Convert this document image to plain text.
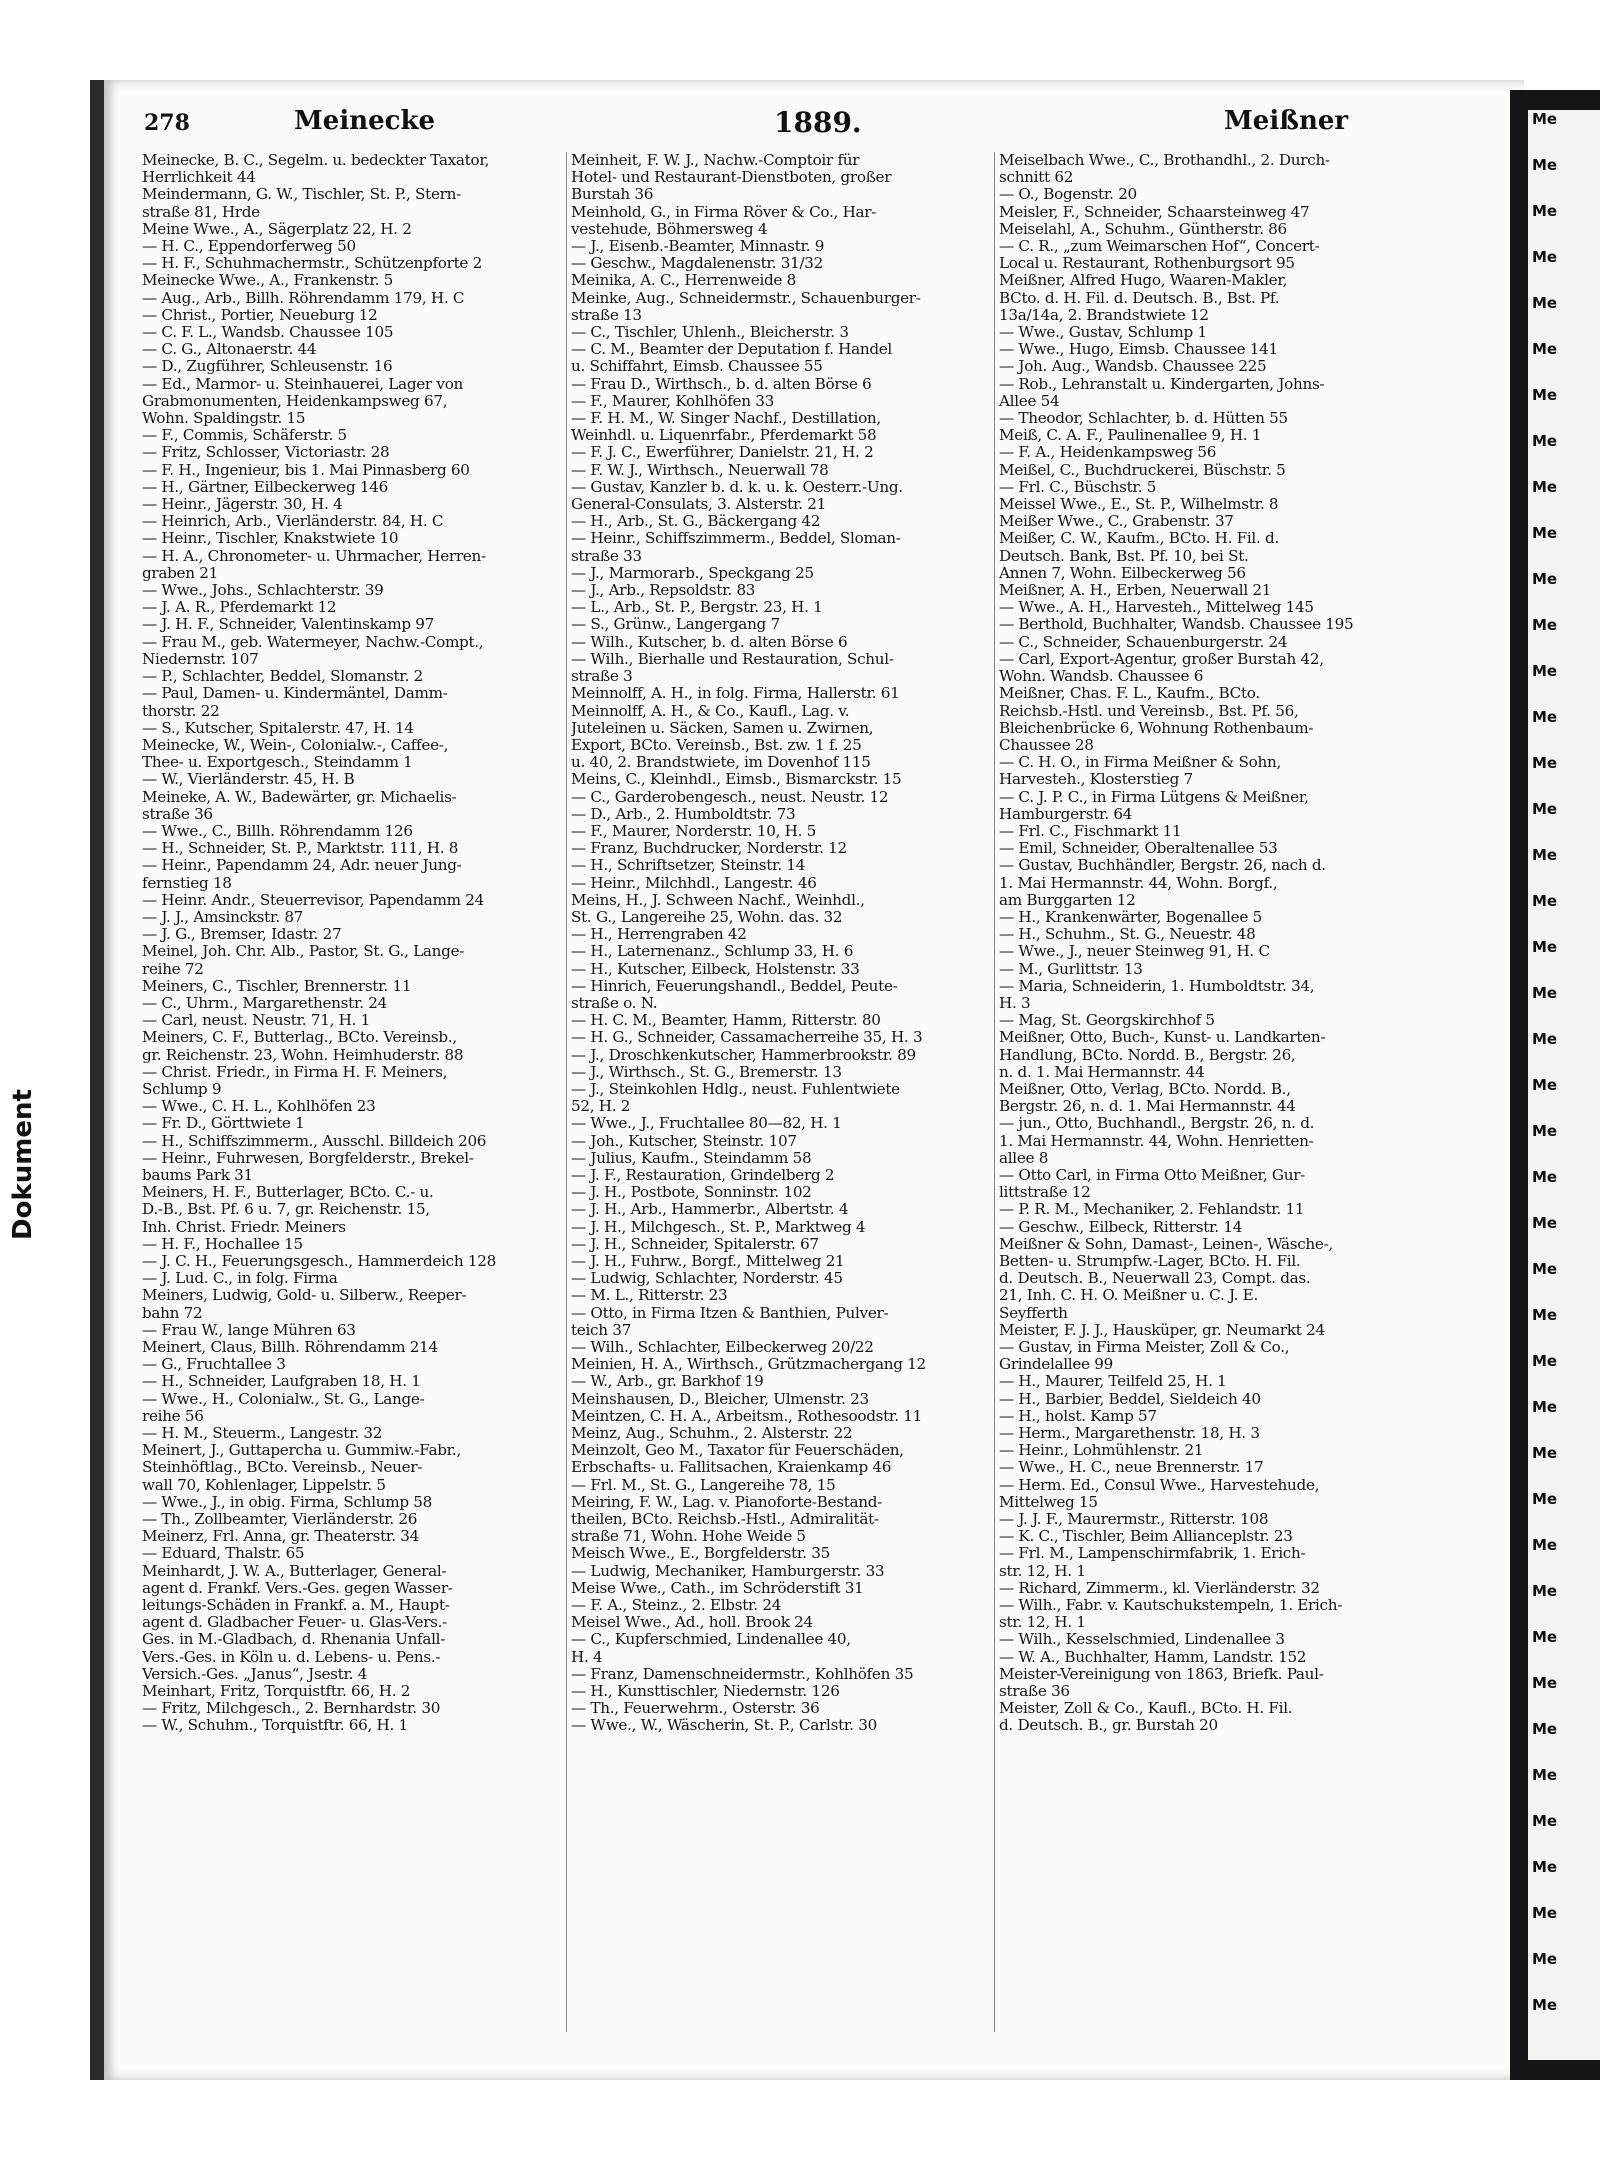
Dokument
278	Meinecke	1889.	Meißner

Meinecke, B. C., Segelm. u. bedeckter Taxator,

Herrlichkeit 44

Meindermann, G. W., Tischler, St. P., Stern-

straße 81, Hrde

Meine Wwe., A., Sägerplatz 22, H. 2

— H. C., Eppendorferweg 50

— H. F., Schuhmachermstr., Schützenpforte 2

Meinecke Wwe., A., Frankenstr. 5

— Aug., Arb., Billh. Röhrendamm 179, H. C

— Christ., Portier, Neueburg 12

— C. F. L., Wandsb. Chaussee 105

— C. G., Altonaerstr. 44

— D., Zugführer, Schleusenstr. 16

— Ed., Marmor- u. Steinhauerei, Lager von

Grabmonumenten, Heidenkampsweg 67,

Wohn. Spaldingstr. 15

— F., Commis, Schäferstr. 5

— Fritz, Schlosser, Victoriastr. 28

— F. H., Ingenieur, bis 1. Mai Pinnasberg 60

— H., Gärtner, Eilbeckerweg 146

— Heinr., Jägerstr. 30, H. 4

— Heinrich, Arb., Vierländerstr. 84, H. C

— Heinr., Tischler, Knakstwiete 10

— H. A., Chronometer- u. Uhrmacher, Herren-

graben 21

— Wwe., Johs., Schlachterstr. 39

— J. A. R., Pferdemarkt 12

— J. H. F., Schneider, Valentinskamp 97

— Frau M., geb. Watermeyer, Nachw.-Compt.,

Niedernstr. 107

— P., Schlachter, Beddel, Slomanstr. 2

— Paul, Damen- u. Kindermäntel, Damm-

thorstr. 22

— S., Kutscher, Spitalerstr. 47, H. 14

Meinecke, W., Wein-, Colonialw.-, Caffee-,

Thee- u. Exportgesch., Steindamm 1

— W., Vierländerstr. 45, H. B

Meineke, A. W., Badewärter, gr. Michaelis-

straße 36

— Wwe., C., Billh. Röhrendamm 126

— H., Schneider, St. P., Marktstr. 111, H. 8

— Heinr., Papendamm 24, Adr. neuer Jung-

fernstieg 18

— Heinr. Andr., Steuerrevisor, Papendamm 24

— J. J., Amsinckstr. 87

— J. G., Bremser, Idastr. 27

Meinel, Joh. Chr. Alb., Pastor, St. G., Lange-

reihe 72

Meiners, C., Tischler, Brennerstr. 11

— C., Uhrm., Margarethenstr. 24

— Carl, neust. Neustr. 71, H. 1

Meiners, C. F., Butterlag., BCto. Vereinsb.,

gr. Reichenstr. 23, Wohn. Heimhuderstr. 88

— Christ. Friedr., in Firma H. F. Meiners,

Schlump 9

— Wwe., C. H. L., Kohlhöfen 23

— Fr. D., Görttwiete 1

— H., Schiffszimmerm., Ausschl. Billdeich 206

— Heinr., Fuhrwesen, Borgfelderstr., Brekel-

baums Park 31

Meiners, H. F., Butterlager, BCto. C.- u.

D.-B., Bst. Pf. 6 u. 7, gr. Reichenstr. 15,

Inh. Christ. Friedr. Meiners

— H. F., Hochallee 15

— J. C. H., Feuerungsgesch., Hammerdeich 128

— J. Lud. C., in folg. Firma

Meiners, Ludwig, Gold- u. Silberw., Reeper-

bahn 72

— Frau W., lange Mühren 63

Meinert, Claus, Billh. Röhrendamm 214

— G., Fruchtallee 3

— H., Schneider, Laufgraben 18, H. 1

— Wwe., H., Colonialw., St. G., Lange-

reihe 56

— H. M., Steuerm., Langestr. 32

Meinert, J., Guttapercha u. Gummiw.-Fabr.,

Steinhöftlag., BCto. Vereinsb., Neuer-

wall 70, Kohlenlager, Lippelstr. 5

— Wwe., J., in obig. Firma, Schlump 58

— Th., Zollbeamter, Vierländerstr. 26

Meinerz, Frl. Anna, gr. Theaterstr. 34

— Eduard, Thalstr. 65

Meinhardt, J. W. A., Butterlager, General-

agent d. Frankf. Vers.-Ges. gegen Wasser-

leitungs-Schäden in Frankf. a. M., Haupt-

agent d. Gladbacher Feuer- u. Glas-Vers.-

Ges. in M.-Gladbach, d. Rhenania Unfall-

Vers.-Ges. in Köln u. d. Lebens- u. Pens.-

Versich.-Ges. „Janus“, Jsestr. 4

Meinhart, Fritz, Torquistftr. 66, H. 2

— Fritz, Milchgesch., 2. Bernhardstr. 30

— W., Schuhm., Torquistftr. 66, H. 1

Meinheit, F. W. J., Nachw.-Comptoir für

Hotel- und Restaurant-Dienstboten, großer

Burstah 36

Meinhold, G., in Firma Röver & Co., Har-

vestehude, Böhmersweg 4

— J., Eisenb.-Beamter, Minnastr. 9

— Geschw., Magdalenenstr. 31/32

Meinika, A. C., Herrenweide 8

Meinke, Aug., Schneidermstr., Schauenburger-

straße 13

— C., Tischler, Uhlenh., Bleicherstr. 3

— C. M., Beamter der Deputation f. Handel

u. Schiffahrt, Eimsb. Chaussee 55

— Frau D., Wirthsch., b. d. alten Börse 6

— F., Maurer, Kohlhöfen 33

— F. H. M., W. Singer Nachf., Destillation,

Weinhdl. u. Liquenrfabr., Pferdemarkt 58

— F. J. C., Ewerführer, Danielstr. 21, H. 2

— F. W. J., Wirthsch., Neuerwall 78

— Gustav, Kanzler b. d. k. u. k. Oesterr.-Ung.

General-Consulats, 3. Alsterstr. 21

— H., Arb., St. G., Bäckergang 42

— Heinr., Schiffszimmerm., Beddel, Sloman-

straße 33

— J., Marmorarb., Speckgang 25

— J., Arb., Repsoldstr. 83

— L., Arb., St. P., Bergstr. 23, H. 1

— S., Grünw., Langergang 7

— Wilh., Kutscher, b. d. alten Börse 6

— Wilh., Bierhalle und Restauration, Schul-

straße 3

Meinnolff, A. H., in folg. Firma, Hallerstr. 61

Meinnolff, A. H., & Co., Kaufl., Lag. v.

Juteleinen u. Säcken, Samen u. Zwirnen,

Export, BCto. Vereinsb., Bst. zw. 1 f. 25

u. 40, 2. Brandstwiete, im Dovenhof 115

Meins, C., Kleinhdl., Eimsb., Bismarckstr. 15

— C., Garderobengesch., neust. Neustr. 12

— D., Arb., 2. Humboldtstr. 73

— F., Maurer, Norderstr. 10, H. 5

— Franz, Buchdrucker, Norderstr. 12

— H., Schriftsetzer, Steinstr. 14

— Heinr., Milchhdl., Langestr. 46

Meins, H., J. Schween Nachf., Weinhdl.,

St. G., Langereihe 25, Wohn. das. 32

— H., Herrengraben 42

— H., Laternenanz., Schlump 33, H. 6

— H., Kutscher, Eilbeck, Holstenstr. 33

— Hinrich, Feuerungshandl., Beddel, Peute-

straße o. N.

— H. C. M., Beamter, Hamm, Ritterstr. 80

— H. G., Schneider, Cassamacherreihe 35, H. 3

— J., Droschkenkutscher, Hammerbrookstr. 89

— J., Wirthsch., St. G., Bremerstr. 13

— J., Steinkohlen Hdlg., neust. Fuhlentwiete

52, H. 2

— Wwe., J., Fruchtallee 80—82, H. 1

— Joh., Kutscher, Steinstr. 107

— Julius, Kaufm., Steindamm 58

— J. F., Restauration, Grindelberg 2

— J. H., Postbote, Sonninstr. 102

— J. H., Arb., Hammerbr., Albertstr. 4

— J. H., Milchgesch., St. P., Marktweg 4

— J. H., Schneider, Spitalerstr. 67

— J. H., Fuhrw., Borgf., Mittelweg 21

— Ludwig, Schlachter, Norderstr. 45

— M. L., Ritterstr. 23

— Otto, in Firma Itzen & Banthien, Pulver-

teich 37

— Wilh., Schlachter, Eilbeckerweg 20/22

Meinien, H. A., Wirthsch., Grützmachergang 12

— W., Arb., gr. Barkhof 19

Meinshausen, D., Bleicher, Ulmenstr. 23

Meintzen, C. H. A., Arbeitsm., Rothesoodstr. 11

Meinz, Aug., Schuhm., 2. Alsterstr. 22

Meinzolt, Geo M., Taxator für Feuerschäden,

Erbschafts- u. Fallitsachen, Kraienkamp 46

— Frl. M., St. G., Langereihe 78, 15

Meiring, F. W., Lag. v. Pianoforte-Bestand-

theilen, BCto. Reichsb.-Hstl., Admiralität-

straße 71, Wohn. Hohe Weide 5

Meisch Wwe., E., Borgfelderstr. 35

— Ludwig, Mechaniker, Hamburgerstr. 33

Meise Wwe., Cath., im Schröderstift 31

— F. A., Steinz., 2. Elbstr. 24

Meisel Wwe., Ad., holl. Brook 24

— C., Kupferschmied, Lindenallee 40,

H. 4

— Franz, Damenschneidermstr., Kohlhöfen 35

— H., Kunsttischler, Niedernstr. 126

— Th., Feuerwehrm., Osterstr. 36

— Wwe., W., Wäscherin, St. P., Carlstr. 30

Meiselbach Wwe., C., Brothandhl., 2. Durch-

schnitt 62

— O., Bogenstr. 20

Meisler, F., Schneider, Schaarsteinweg 47

Meiselahl, A., Schuhm., Güntherstr. 86

— C. R., „zum Weimarschen Hof“, Concert-

Local u. Restaurant, Rothenburgsort 95

Meißner, Alfred Hugo, Waaren-Makler,

BCto. d. H. Fil. d. Deutsch. B., Bst. Pf.

13a/14a, 2. Brandstwiete 12

— Wwe., Gustav, Schlump 1

— Wwe., Hugo, Eimsb. Chaussee 141

— Joh. Aug., Wandsb. Chaussee 225

— Rob., Lehranstalt u. Kindergarten, Johns-

Allee 54

— Theodor, Schlachter, b. d. Hütten 55

Meiß, C. A. F., Paulinenallee 9, H. 1

— F. A., Heidenkampsweg 56

Meißel, C., Buchdruckerei, Büschstr. 5

— Frl. C., Büschstr. 5

Meissel Wwe., E., St. P., Wilhelmstr. 8

Meißer Wwe., C., Grabenstr. 37

Meißer, C. W., Kaufm., BCto. H. Fil. d.

Deutsch. Bank, Bst. Pf. 10, bei St.

Annen 7, Wohn. Eilbeckerweg 56

Meißner, A. H., Erben, Neuerwall 21

— Wwe., A. H., Harvesteh., Mittelweg 145

— Berthold, Buchhalter, Wandsb. Chaussee 195

— C., Schneider, Schauenburgerstr. 24

— Carl, Export-Agentur, großer Burstah 42,

Wohn. Wandsb. Chaussee 6

Meißner, Chas. F. L., Kaufm., BCto.

Reichsb.-Hstl. und Vereinsb., Bst. Pf. 56,

Bleichenbrücke 6, Wohnung Rothenbaum-

Chaussee 28

— C. H. O., in Firma Meißner & Sohn,

Harvesteh., Klosterstieg 7

— C. J. P. C., in Firma Lütgens & Meißner,

Hamburgerstr. 64

— Frl. C., Fischmarkt 11

— Emil, Schneider, Oberaltenallee 53

— Gustav, Buchhändler, Bergstr. 26, nach d.

1. Mai Hermannstr. 44, Wohn. Borgf.,

am Burggarten 12

— H., Krankenwärter, Bogenallee 5

— H., Schuhm., St. G., Neuestr. 48

— Wwe., J., neuer Steinweg 91, H. C

— M., Gurlittstr. 13

— Maria, Schneiderin, 1. Humboldtstr. 34,

H. 3

— Mag, St. Georgskirchhof 5

Meißner, Otto, Buch-, Kunst- u. Landkarten-

Handlung, BCto. Nordd. B., Bergstr. 26,

n. d. 1. Mai Hermannstr. 44

Meißner, Otto, Verlag, BCto. Nordd. B.,

Bergstr. 26, n. d. 1. Mai Hermannstr. 44

— jun., Otto, Buchhandl., Bergstr. 26, n. d.

1. Mai Hermannstr. 44, Wohn. Henrietten-

allee 8

— Otto Carl, in Firma Otto Meißner, Gur-

littstraße 12

— P. R. M., Mechaniker, 2. Fehlandstr. 11

— Geschw., Eilbeck, Ritterstr. 14

Meißner & Sohn, Damast-, Leinen-, Wäsche-,

Betten- u. Strumpfw.-Lager, BCto. H. Fil.

d. Deutsch. B., Neuerwall 23, Compt. das.

21, Inh. C. H. O. Meißner u. C. J. E.

Seyfferth

Meister, F. J. J., Hausküper, gr. Neumarkt 24

— Gustav, in Firma Meister, Zoll & Co.,

Grindelallee 99

— H., Maurer, Teilfeld 25, H. 1

— H., Barbier, Beddel, Sieldeich 40

— H., holst. Kamp 57

— Herm., Margarethenstr. 18, H. 3

— Heinr., Lohmühlenstr. 21

— Wwe., H. C., neue Brennerstr. 17

— Herm. Ed., Consul Wwe., Harvestehude,

Mittelweg 15

— J. J. F., Maurermstr., Ritterstr. 108

— K. C., Tischler, Beim Allianceplstr. 23

— Frl. M., Lampenschirmfabrik, 1. Erich-

str. 12, H. 1

— Richard, Zimmerm., kl. Vierländerstr. 32

— Wilh., Fabr. v. Kautschukstempeln, 1. Erich-

str. 12, H. 1

— Wilh., Kesselschmied, Lindenallee 3

— W. A., Buchhalter, Hamm, Landstr. 152

Meister-Vereinigung von 1863, Briefk. Paul-

straße 36

Meister, Zoll & Co., Kaufl., BCto. H. Fil.

d. Deutsch. B., gr. Burstah 20

Me
Me
Me
Me
Me
Me
Me
Me
Me
Me
Me
Me
Me
Me
Me
Me
Me
Me
Me
Me
Me
Me
Me
Me
Me
Me
Me
Me
Me
Me
Me
Me
Me
Me
Me
Me
Me
Me
Me
Me
Me
Me
